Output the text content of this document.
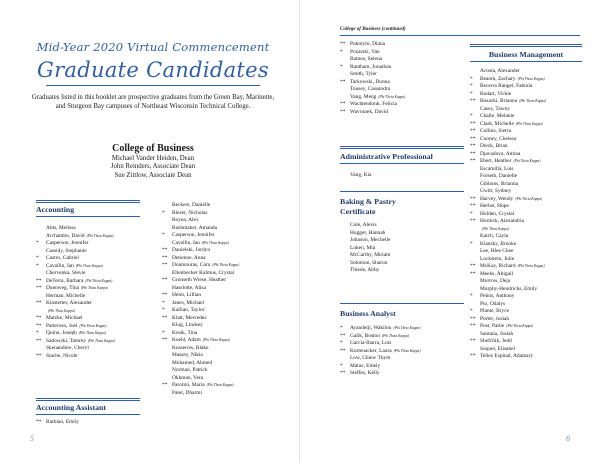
Mid-Year 2020 Virtual Commencement
Graduate Candidates
Graduates listed in this booklet are prospective graduates from the Green Bay, Marinette, and Sturgeon Bay campuses of Northeast Wisconsin Technical College.
College of Business
Michael Vander Heiden, Dean
John Reinders, Associate Dean
Sue Zittlow, Associate Dean
Accounting
Abts, Melissa
Archambo, David (Phi Theta Kappa)
* Casperson, Jennifer
Cassidy, Stephanie
* Castro, Gabriel
* Cavallin, Ian (Phi Theta Kappa)
Chervenka, Stevie
** DeTerra, Barbara (Phi Theta Kappa)
** Duenweg, Tina (Phi Theta Kappa)
Herman, Michelle
** Kinstetter, Alexander
(Phi Theta Kappa)
** Matzke, Michael
** Patterson, Joel (Phi Theta Kappa)
* Quinn, Joseph (Phi Theta Kappa)
** Sadowski, Tammy (Phi Theta Kappa)
Skenandore, Cheryl
** Stache, Nicole
Accounting Assistant
** Barbian, Emily
Beckers, Danielle
* Bleser, Nicholas
Boyea, Alex
Bushmaker, Amanda
* Casperson, Jennifer
Cavallin, Ian (Phi Theta Kappa)
** Danielski, Jordyn
** Detienne, Anna
** Doumouras, Cora (Phi Theta Kappa)
Ellenbecker Kalmus, Crystal
** Gronseth Wiese, Heather
Hasslotte, Alisa
** Heim, Lillian
* Janes, Michael
* Kallian, Taylor
** Klatt, Mercedes
Klug, Lindsey
* Kosik, Tina
** Kuehl, Adam (Phi Theta Kappa)
Kusserow, Blake
Massey, Nikia
Mohamed, Ahmed
Norman, Patrick
Okhman, Vera
** Parolini, Maria (Phi Theta Kappa)
Patel, Dharmi
5
College of Business (continued)
** Pokotylo, Diana
* Pozarski, Van
Ramos, Selena
* Rantham, Jonathan
Smith, Tyler
** Tarkowski, Donna
Tousey, Cassandra
Vang, Meng (Phi Theta Kappa)
** Wachtendonk, Felicia
** Wavrunek, David
Administrative Professional
Vang, Kia
Baking & Pastry Certificate
Cole, Alexis
Hugget, Hannah
Johnson, Mechelle
Luken, Mia
McCarthy, Miriam
Solomon, Sharon
Thiede, Abby
Business Analyst
* Ayandeiji, Wakilou (Phi Theta Kappa)
** Galik, Boston (Phi Theta Kappa)
* Garcia-Ibarra, Luis
** Kurtenacker, Laura (Phi Theta Kappa)
Low, Chiew Thym
* Matus, Emely
** Steffes, Kelly
Business Management
Acosta, Alexander
* Beaom, Zachary (Phi Theta Kappa)
* Becerra Rangel, Fabiola
* Bodart, Vickie
** Bosacki, Brianna (Phi Theta Kappa)
Casey, Tawny
* Challe, Melanie
** Clark, Michelle (Phi Theta Kappa)
** Collins, Sierra
** Cooney, Chelsea
** Dieck, Brian
** Djavadova, Amina
** Ebert, Heather (Phi Theta Kappa)
Escamilla, Luis
Forseth, Danielle
Gibbons, Brianna
Gwitt, Sydney
** Harvey, Wendy (Phi Theta Kappa)
** Herbst, Hope
* Holden, Crystal
** Hornick, Alexandria
(Phi Theta Kappa)
Katch, Cayla
* Klansky, Brooke
Lee, Hlee Chee
Lockstein, Julie
** McKay, Richard (Phi Theta Kappa)
** Meeks, Abigail
Morrow, Deja
Murphy-Hendricks, Emily
* Pelnis, Anthony
Pio, Odalys
* Plante, Bryce
** Porter, Josiah
** Post, Pattie (Phi Theta Kappa)
Santana, Josiah
** Shefchik, Jedd
Suquet, Elisabel
** Tellez Espinal, Adamary
6
